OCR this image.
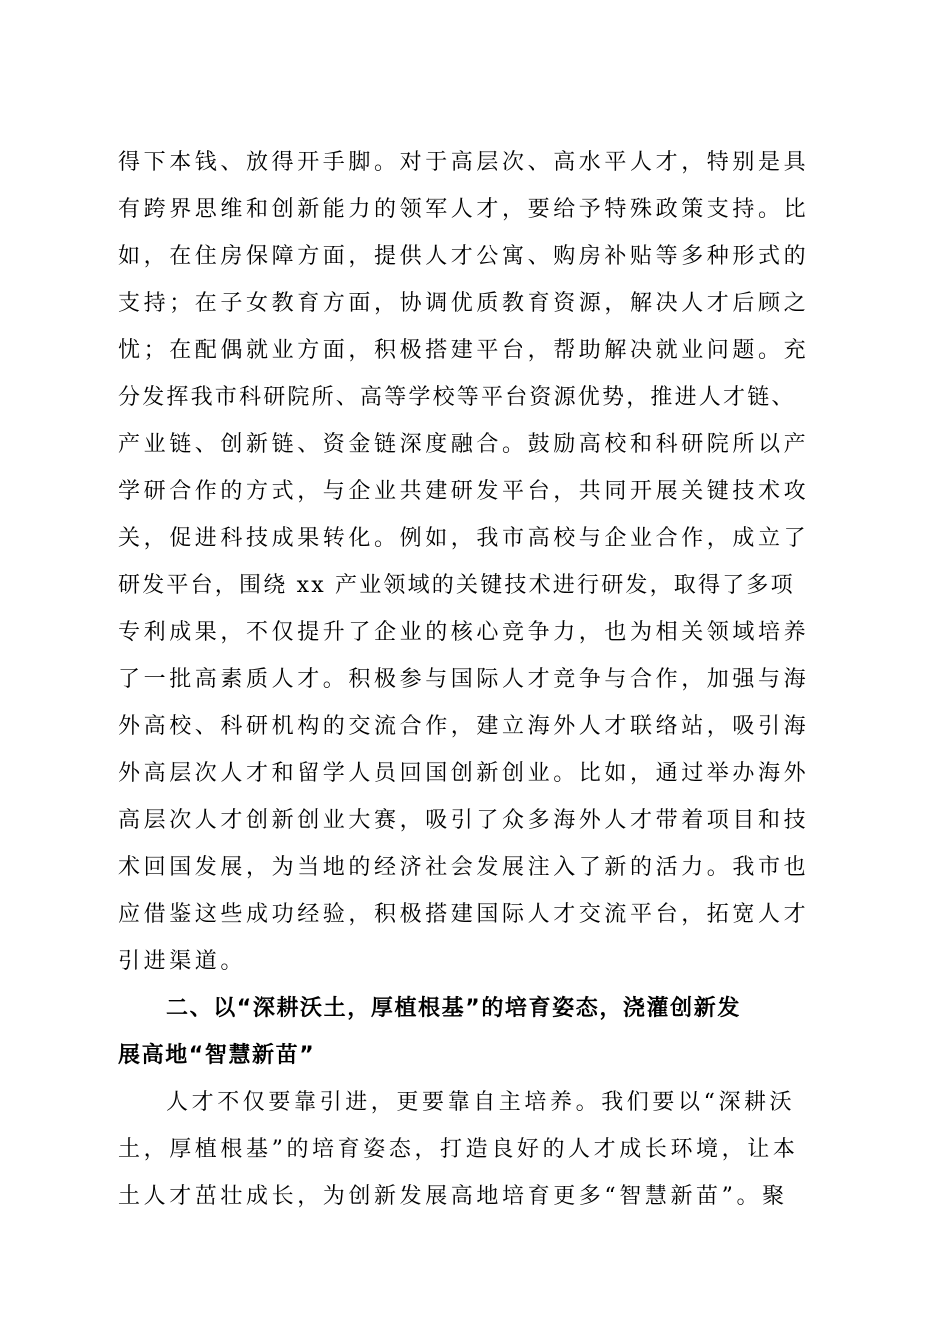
得下本钱、放得开手脚。对于高层次、高水平人才，特别是具
有跨界思维和创新能力的领军人才，要给予特殊政策支持。比
如，在住房保障方面，提供人才公寓、购房补贴等多种形式的
支持；在子女教育方面，协调优质教育资源，解决人才后顾之
忧；在配偶就业方面，积极搭建平台，帮助解决就业问题。充
分发挥我市科研院所、高等学校等平台资源优势，推进人才链、
产业链、创新链、资金链深度融合。鼓励高校和科研院所以产
学研合作的方式，与企业共建研发平台，共同开展关键技术攻
关，促进科技成果转化。例如，我市高校与企业合作，成立了
研发平台，围绕 xx 产业领域的关键技术进行研发，取得了多项
专利成果，不仅提升了企业的核心竞争力，也为相关领域培养
了一批高素质人才。积极参与国际人才竞争与合作，加强与海
外高校、科研机构的交流合作，建立海外人才联络站，吸引海
外高层次人才和留学人员回国创新创业。比如，通过举办海外
高层次人才创新创业大赛，吸引了众多海外人才带着项目和技
术回国发展，为当地的经济社会发展注入了新的活力。我市也
应借鉴这些成功经验，积极搭建国际人才交流平台，拓宽人才
引进渠道。
二、以“深耕沃土，厚植根基”的培育姿态，浇灌创新发
展高地“智慧新苗”
人才不仅要靠引进，更要靠自主培养。我们要以“深耕沃
土，厚植根基”的培育姿态，打造良好的人才成长环境，让本
土人才茁壮成长，为创新发展高地培育更多“智慧新苗”。聚
